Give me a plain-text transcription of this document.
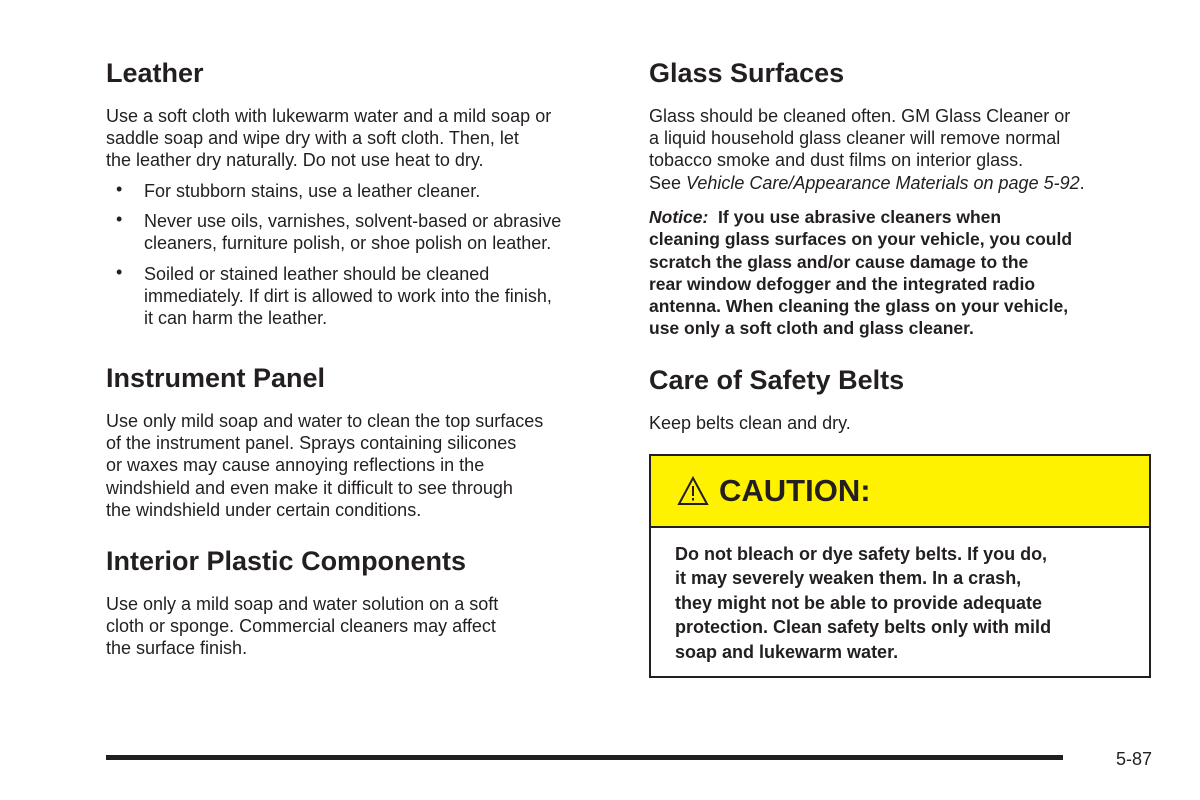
Leather

Use a soft cloth with lukewarm water and a mild soap or
saddle soap and wipe dry with a soft cloth. Then, let
the leather dry naturally. Do not use heat to dry.

• For stubborn stains, use a leather cleaner.
• Never use oils, varnishes, solvent-based or abrasive
cleaners, furniture polish, or shoe polish on leather.
• Soiled or stained leather should be cleaned
immediately. If dirt is allowed to work into the finish,
it can harm the leather.
Instrument Panel

Use only mild soap and water to clean the top surfaces
of the instrument panel. Sprays containing silicones
or waxes may cause annoying reflections in the
windshield and even make it difficult to see through
the windshield under certain conditions.

Interior Plastic Components

Use only a mild soap and water solution on a soft
cloth or sponge. Commercial cleaners may affect
the surface finish.

Glass Surfaces

Glass should be cleaned often. GM Glass Cleaner or
a liquid household glass cleaner will remove normal
tobacco smoke and dust films on interior glass.
See Vehicle Care/Appearance Materials on page 5-92.

Notice: If you use abrasive cleaners when
cleaning glass surfaces on your vehicle, you could
scratch the glass and/or cause damage to the
rear window defogger and the integrated radio
antenna. When cleaning the glass on your vehicle,
use only a soft cloth and glass cleaner.

Care of Safety Belts

Keep belts clean and dry.

CAUTION:
Do not bleach or dye safety belts. If you do,
it may severely weaken them. In a crash,
they might not be able to provide adequate
protection. Clean safety belts only with mild
soap and lukewarm water.
5-87
